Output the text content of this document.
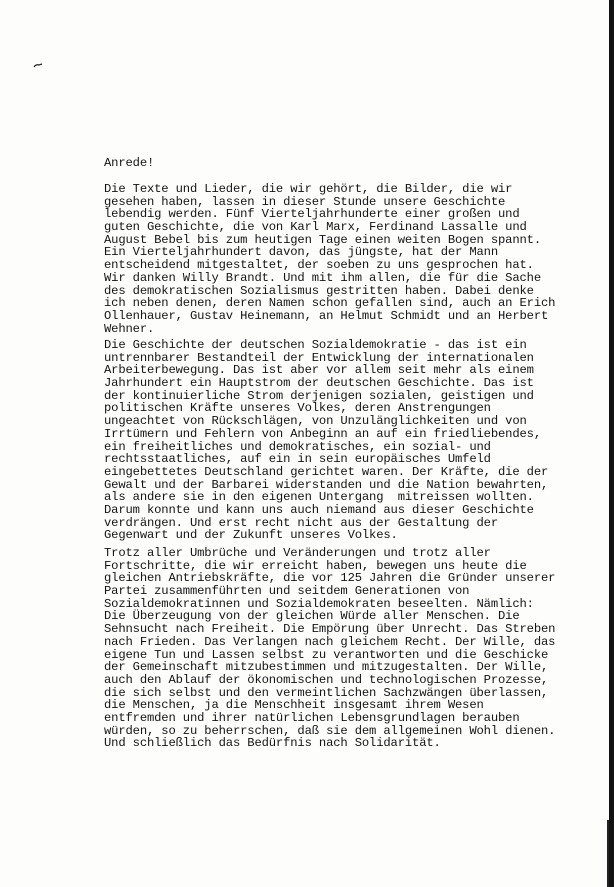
Anrede!
Die Texte und Lieder, die wir gehört, die Bilder, die wir
gesehen haben, lassen in dieser Stunde unsere Geschichte
lebendig werden. Fünf Vierteljahrhunderte einer großen und
guten Geschichte, die von Karl Marx, Ferdinand Lassalle und
August Bebel bis zum heutigen Tage einen weiten Bogen spannt.
Ein Vierteljahrhundert davon, das jüngste, hat der Mann
entscheidend mitgestaltet, der soeben zu uns gesprochen hat.
Wir danken Willy Brandt. Und mit ihm allen, die für die Sache
des demokratischen Sozialismus gestritten haben. Dabei denke
ich neben denen, deren Namen schon gefallen sind, auch an Erich
Ollenhauer, Gustav Heinemann, an Helmut Schmidt und an Herbert
Wehner.
Die Geschichte der deutschen Sozialdemokratie - das ist ein
untrennbarer Bestandteil der Entwicklung der internationalen
Arbeiterbewegung. Das ist aber vor allem seit mehr als einem
Jahrhundert ein Hauptstrom der deutschen Geschichte. Das ist
der kontinuierliche Strom derjenigen sozialen, geistigen und
politischen Kräfte unseres Volkes, deren Anstrengungen
ungeachtet von Rückschlägen, von Unzulänglichkeiten und von
Irrtümern und Fehlern von Anbeginn an auf ein friedliebendes,
ein freiheitliches und demokratisches, ein sozial- und
rechtsstaatliches, auf ein in sein europäisches Umfeld
eingebettetes Deutschland gerichtet waren. Der Kräfte, die der
Gewalt und der Barbarei widerstanden und die Nation bewahrten,
als andere sie in den eigenen Untergang  mitreissen wollten.
Darum konnte und kann uns auch niemand aus dieser Geschichte
verdrängen. Und erst recht nicht aus der Gestaltung der
Gegenwart und der Zukunft unseres Volkes.
Trotz aller Umbrüche und Veränderungen und trotz aller
Fortschritte, die wir erreicht haben, bewegen uns heute die
gleichen Antriebskräfte, die vor 125 Jahren die Gründer unserer
Partei zusammenführten und seitdem Generationen von
Sozialdemokratinnen und Sozialdemokraten beseelten. Nämlich:
Die Überzeugung von der gleichen Würde aller Menschen. Die
Sehnsucht nach Freiheit. Die Empörung über Unrecht. Das Streben
nach Frieden. Das Verlangen nach gleichem Recht. Der Wille, das
eigene Tun und Lassen selbst zu verantworten und die Geschicke
der Gemeinschaft mitzubestimmen und mitzugestalten. Der Wille,
auch den Ablauf der ökonomischen und technologischen Prozesse,
die sich selbst und den vermeintlichen Sachzwängen überlassen,
die Menschen, ja die Menschheit insgesamt ihrem Wesen
entfremden und ihrer natürlichen Lebensgrundlagen berauben
würden, so zu beherrschen, daß sie dem allgemeinen Wohl dienen.
Und schließlich das Bedürfnis nach Solidarität.
